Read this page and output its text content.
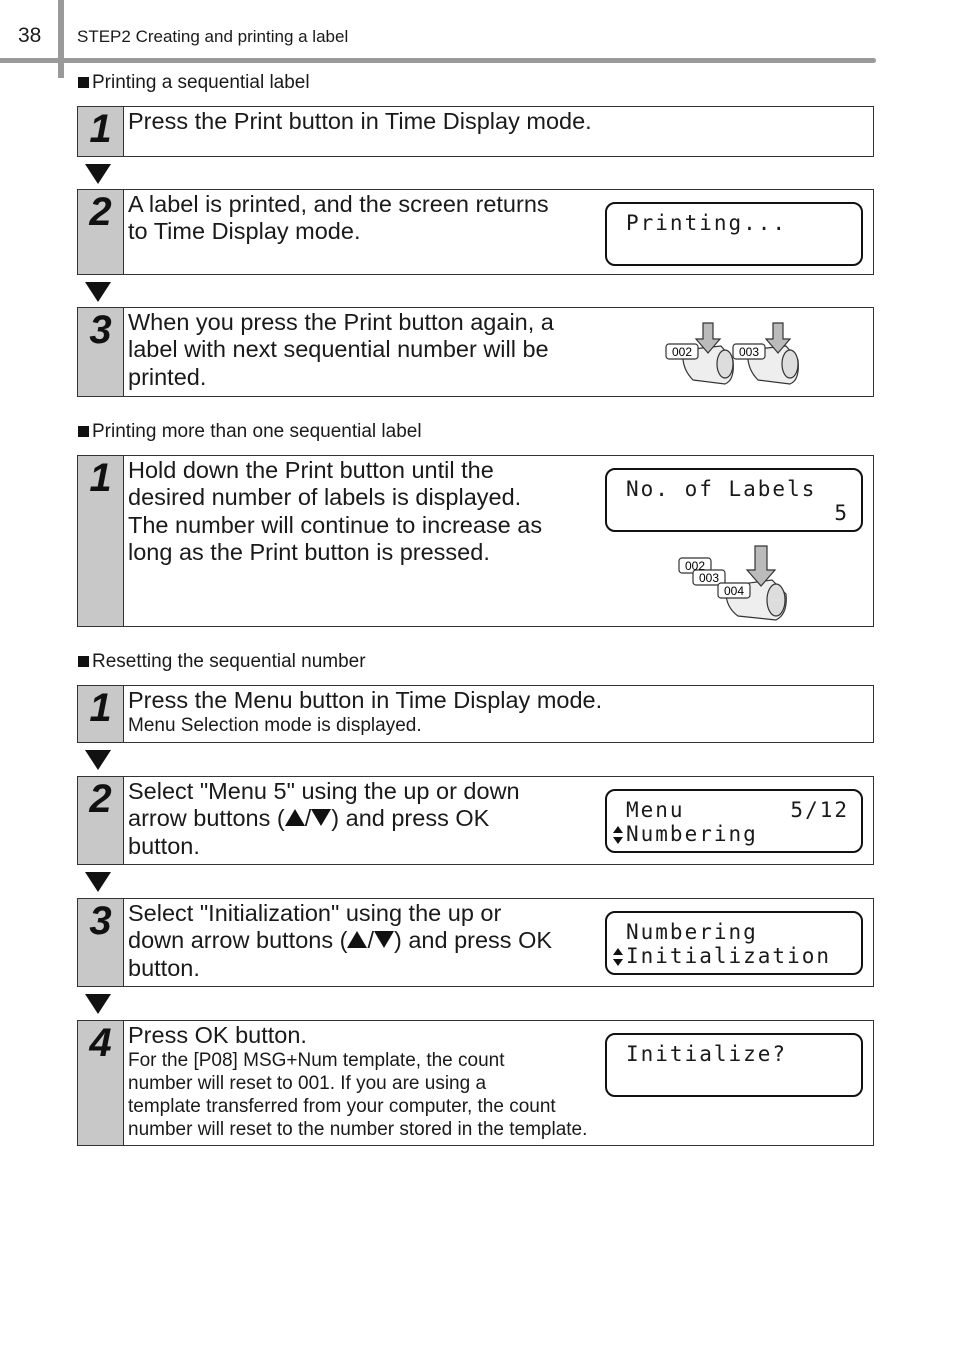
38 STEP2 Creating and printing a label
Printing a sequential label
1 Press the Print button in Time Display mode.
2 A label is printed, and the screen returns
to Time Display mode.	Printing...
3 When you press the Print button again, a
label with next sequential number will be
printed.
002	003
Printing more than one sequential label
1 Hold down the Print button until the
desired number of labels is displayed.
The number will continue to increase as
long as the Print button is pressed.
No. of Labels
5
002
003
004
Resetting the sequential number
1 Press the Menu button in Time Display mode.
Menu Selection mode is displayed.
2 Select "Menu 5" using the up or down
arrow buttons ( / ) and press OK
button.
Menu	5/12
Numbering
3 Select "Initialization" using the up or
down arrow buttons ( / ) and press OK
button.
Numbering
Initialization
4 Press OK button.
For the [P08] MSG+Num template, the count
number will reset to 001. If you are using a
template transferred from your computer, the count
number will reset to the number stored in the template.
Initialize?
